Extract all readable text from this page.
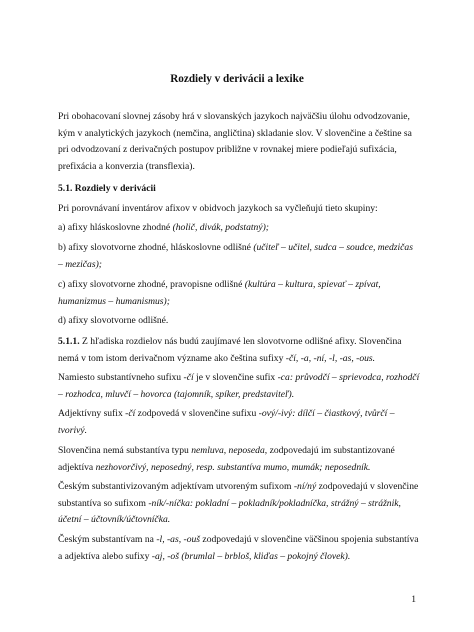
Rozdiely v derivácii a lexike
Pri obohacovaní slovnej zásoby hrá v slovanských jazykoch najväčšiu úlohu odvodzovanie, kým v analytických jazykoch (nemčina, angličtina) skladanie slov. V slovenčine a češtine sa pri odvodzovaní z derivačných postupov približne v rovnakej miere podieľajú sufixácia, prefixácia a konverzia (transflexia).
5.1. Rozdiely v derivácii
Pri porovnávaní inventárov afixov v obidvoch jazykoch sa vyčleňujú tieto skupiny:
a) afixy hláskoslovne zhodné (holič, divák, podstatný);
b) afixy slovotvorne zhodné, hláskoslovne odlišné (učiteľ – učitel, sudca – soudce, medzičas – mezičas);
c) afixy slovotvorne zhodné, pravopisne odlišné (kultúra – kultura, spievať – zpívat, humanizmus – humanismus);
d) afixy slovotvorne odlišné.
5.1.1. Z hľadiska rozdielov nás budú zaujímavé len slovotvorne odlišné afixy. Slovenčina nemá v tom istom derivačnom význame ako čeština sufixy -čí, -a, -ní, -l, -as, -ous.
Namiesto substantívneho sufixu -čí je v slovenčine sufix -ca: průvodčí – sprievodca, rozhodčí – rozhodca, mluvčí – hovorca (tajomník, spíker, predstaviteľ).
Adjektívny sufix -čí zodpovedá v slovenčine sufixu -ový/-ivý: dílčí – čiastkový, tvůrčí – tvorivý.
Slovenčina nemá substantíva typu nemluva, neposeda, zodpovedajú im substantizované adjektíva nezhovorčivý, neposedný, resp. substantíva mumo, mumák; neposedník.
Českým substantivizovaným adjektívam utvoreným sufixom -ní/ný zodpovedajú v slovenčine substantíva so sufixom -ník/-níčka: pokladní – pokladník/pokladníčka, strážný – strážnik, účetní – účtovník/účtovníčka.
Českým substantívam na -l, -as, -ouš zodpovedajú v slovenčine väčšinou spojenia substantíva a adjektíva alebo sufixy -aj, -oš (brumlal – brbloš, kliďas – pokojný človek).
1
